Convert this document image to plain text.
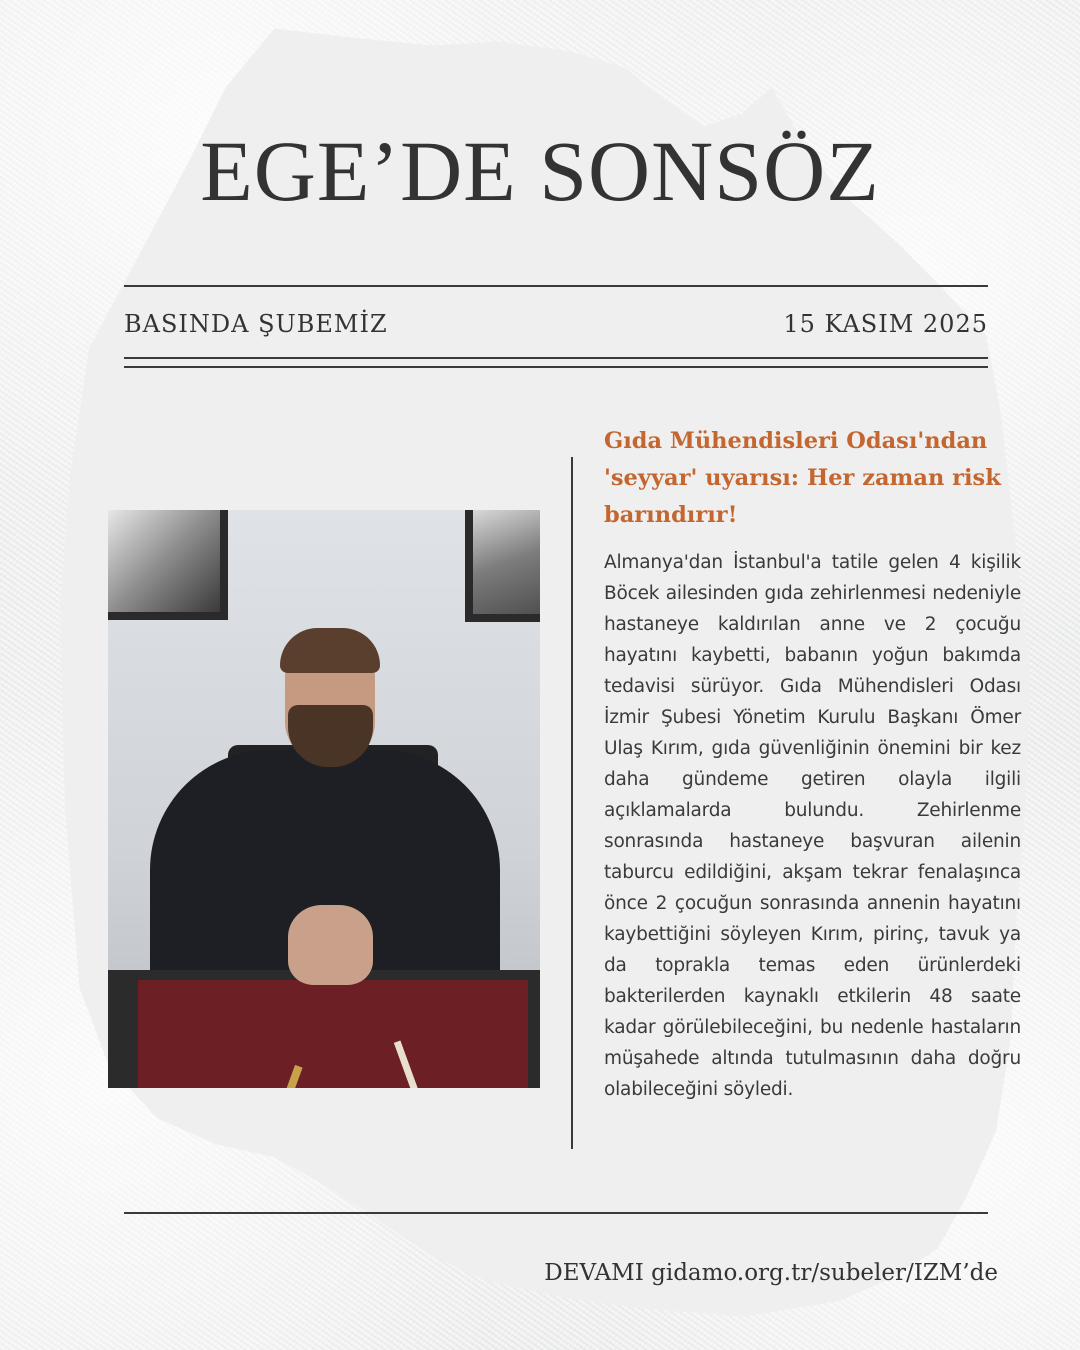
EGE’DE SONSÖZ
BASINDA ŞUBEMİZ	15 KASIM 2025
Gıda Mühendisleri Odası'ndan 'seyyar' uyarısı: Her zaman risk barındırır!

Almanya'dan İstanbul'a tatile gelen 4 kişilik Böcek ailesinden gıda zehirlenmesi nedeniyle hastaneye kaldırılan anne ve 2 çocuğu hayatını kaybetti, babanın yoğun bakımda tedavisi sürüyor. Gıda Mühendisleri Odası İzmir Şubesi Yönetim Kurulu Başkanı Ömer Ulaş Kırım, gıda güvenliğinin önemini bir kez daha gündeme getiren olayla ilgili açıklamalarda bulundu. Zehirlenme sonrasında hastaneye başvuran ailenin taburcu edildiğini, akşam tekrar fenalaşınca önce 2 çocuğun sonrasında annenin hayatını kaybettiğini söyleyen Kırım, pirinç, tavuk ya da toprakla temas eden ürünlerdeki bakterilerden kaynaklı etkilerin 48 saate kadar görülebileceğini, bu nedenle hastaların müşahede altında tutulmasının daha doğru olabileceğini söyledi.

DEVAMI gidamo.org.tr/subeler/IZM’de
